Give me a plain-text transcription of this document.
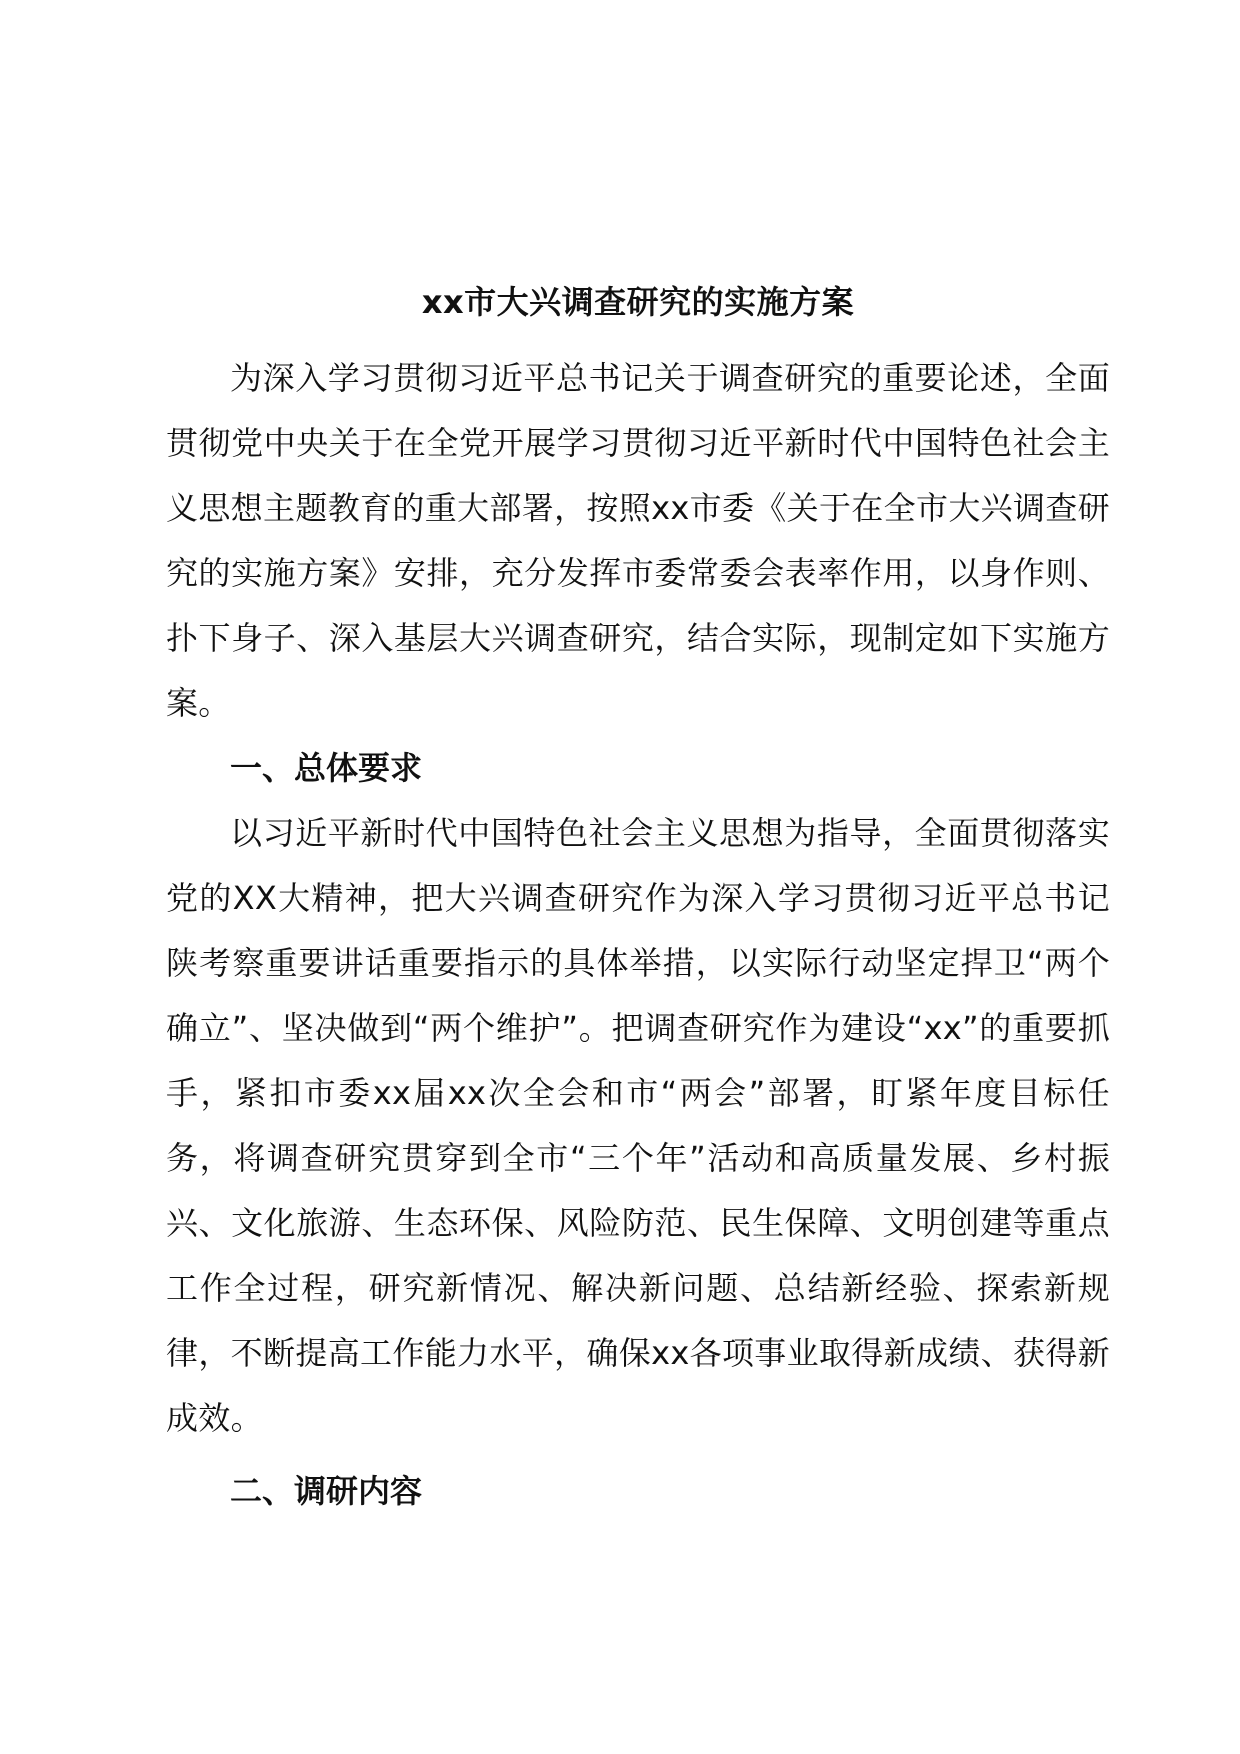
xx市大兴调查研究的实施方案

为深入学习贯彻习近平总书记关于调查研究的重要论述，全面贯彻党中央关于在全党开展学习贯彻习近平新时代中国特色社会主义思想主题教育的重大部署，按照xx市委《关于在全市大兴调查研究的实施方案》安排，充分发挥市委常委会表率作用，以身作则、扑下身子、深入基层大兴调查研究，结合实际，现制定如下实施方案。

一、总体要求

以习近平新时代中国特色社会主义思想为指导，全面贯彻落实党的XX大精神，把大兴调查研究作为深入学习贯彻习近平总书记陕考察重要讲话重要指示的具体举措，以实际行动坚定捍卫“两个确立”、坚决做到“两个维护”。把调查研究作为建设“xx”的重要抓手，紧扣市委xx届xx次全会和市“两会”部署，盯紧年度目标任务，将调查研究贯穿到全市“三个年”活动和高质量发展、乡村振兴、文化旅游、生态环保、风险防范、民生保障、文明创建等重点工作全过程，研究新情况、解决新问题、总结新经验、探索新规律，不断提高工作能力水平，确保xx各项事业取得新成绩、获得新成效。

二、调研内容
